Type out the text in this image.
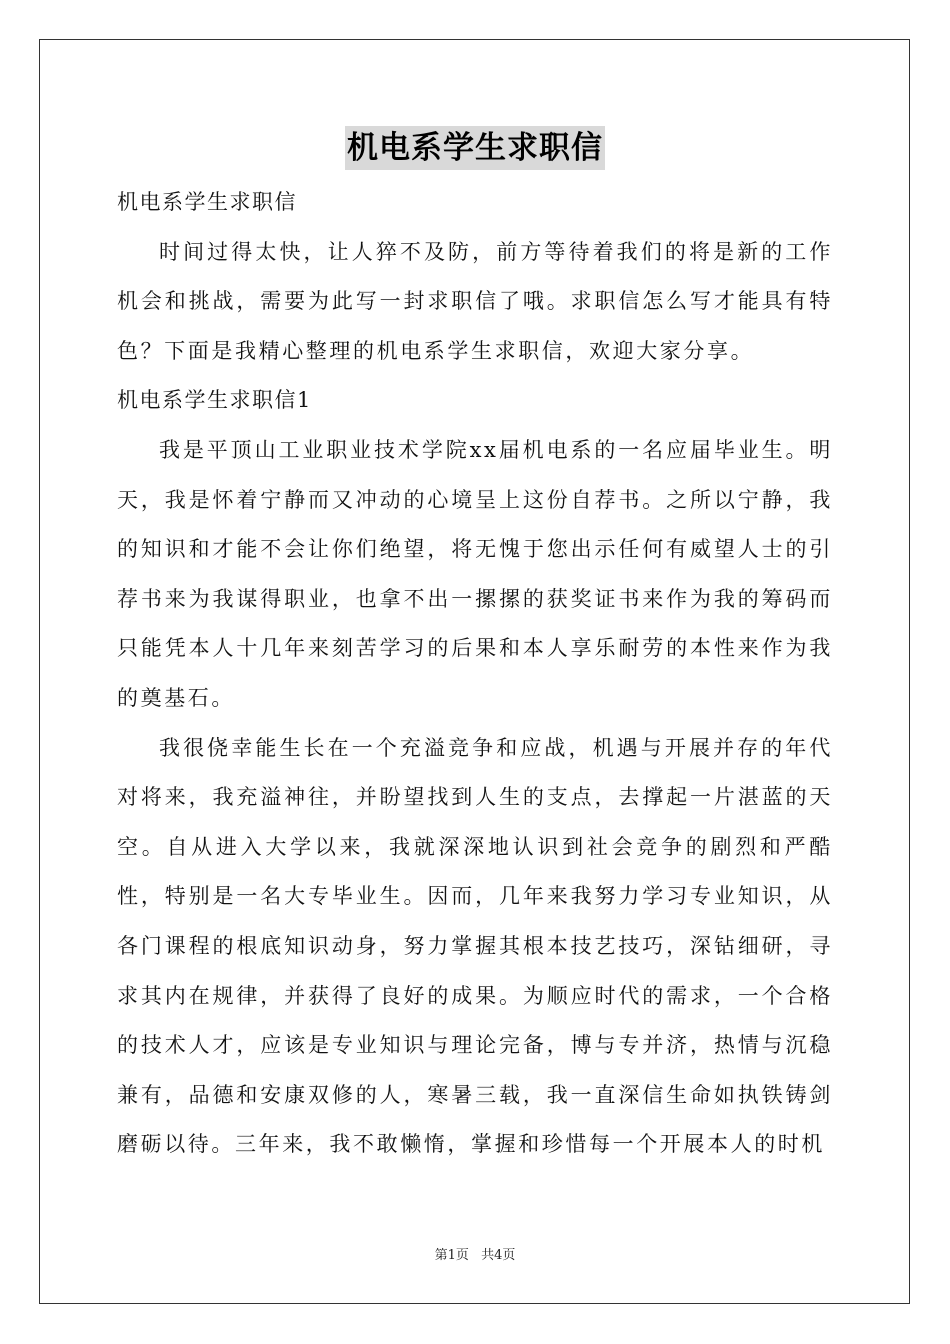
机电系学生求职信

机电系学生求职信

时间过得太快，让人猝不及防，前方等待着我们的将是新的工作机会和挑战，需要为此写一封求职信了哦。求职信怎么写才能具有特色？下面是我精心整理的机电系学生求职信，欢迎大家分享。

机电系学生求职信1

我是平顶山工业职业技术学院xx届机电系的一名应届毕业生。明天，我是怀着宁静而又冲动的心境呈上这份自荐书。之所以宁静，我的知识和才能不会让你们绝望，将无愧于您出示任何有威望人士的引荐书来为我谋得职业，也拿不出一摞摞的获奖证书来作为我的筹码而只能凭本人十几年来刻苦学习的后果和本人享乐耐劳的本性来作为我的奠基石。

我很侥幸能生长在一个充溢竞争和应战，机遇与开展并存的年代 对将来，我充溢神往，并盼望找到人生的支点，去撑起一片湛蓝的天空。自从进入大学以来，我就深深地认识到社会竞争的剧烈和严酷性，特别是一名大专毕业生。因而，几年来我努力学习专业知识，从各门课程的根底知识动身，努力掌握其根本技艺技巧，深钻细研，寻求其内在规律，并获得了良好的成果。为顺应时代的需求，一个合格的技术人才，应该是专业知识与理论完备，博与专并济，热情与沉稳兼有，品德和安康双修的人，寒暑三载，我一直深信生命如执铁铸剑磨砺以待。三年来，我不敢懒惰，掌握和珍惜每一个开展本人的时机

第1页 共4页
